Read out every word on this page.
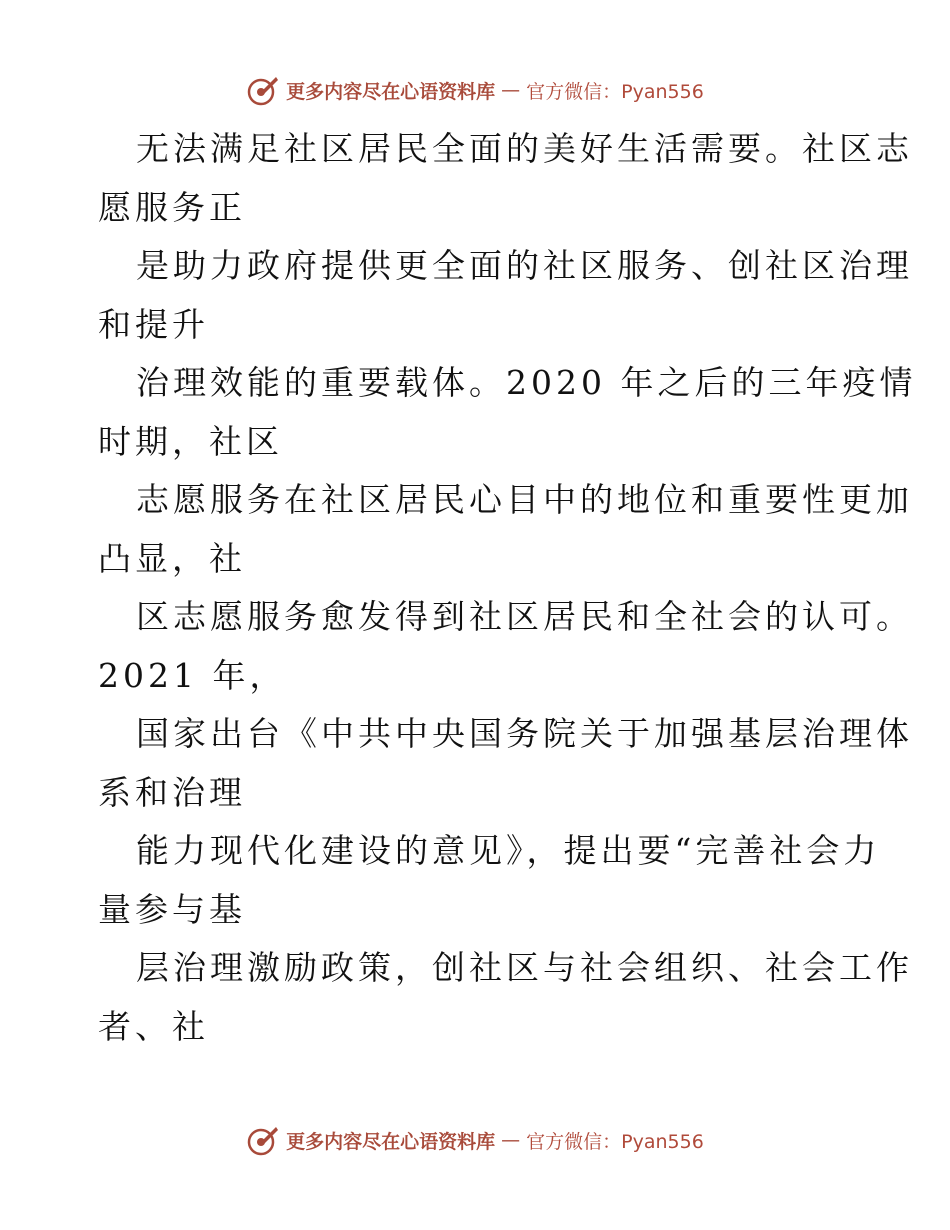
更多内容尽在心语资料库 — 官方微信：Pyan556
无法满足社区居民全面的美好生活需要。社区志
愿服务正
是助力政府提供更全面的社区服务、创社区治理
和提升
治理效能的重要载体。2020 年之后的三年疫情
时期，社区
志愿服务在社区居民心目中的地位和重要性更加
凸显，社
区志愿服务愈发得到社区居民和全社会的认可。
2021 年，
国家出台《中共中央国务院关于加强基层治理体
系和治理
能力现代化建设的意见》，提出要“完善社会力
量参与基
层治理激励政策，创社区与社会组织、社会工作
者、社
更多内容尽在心语资料库 — 官方微信：Pyan556
